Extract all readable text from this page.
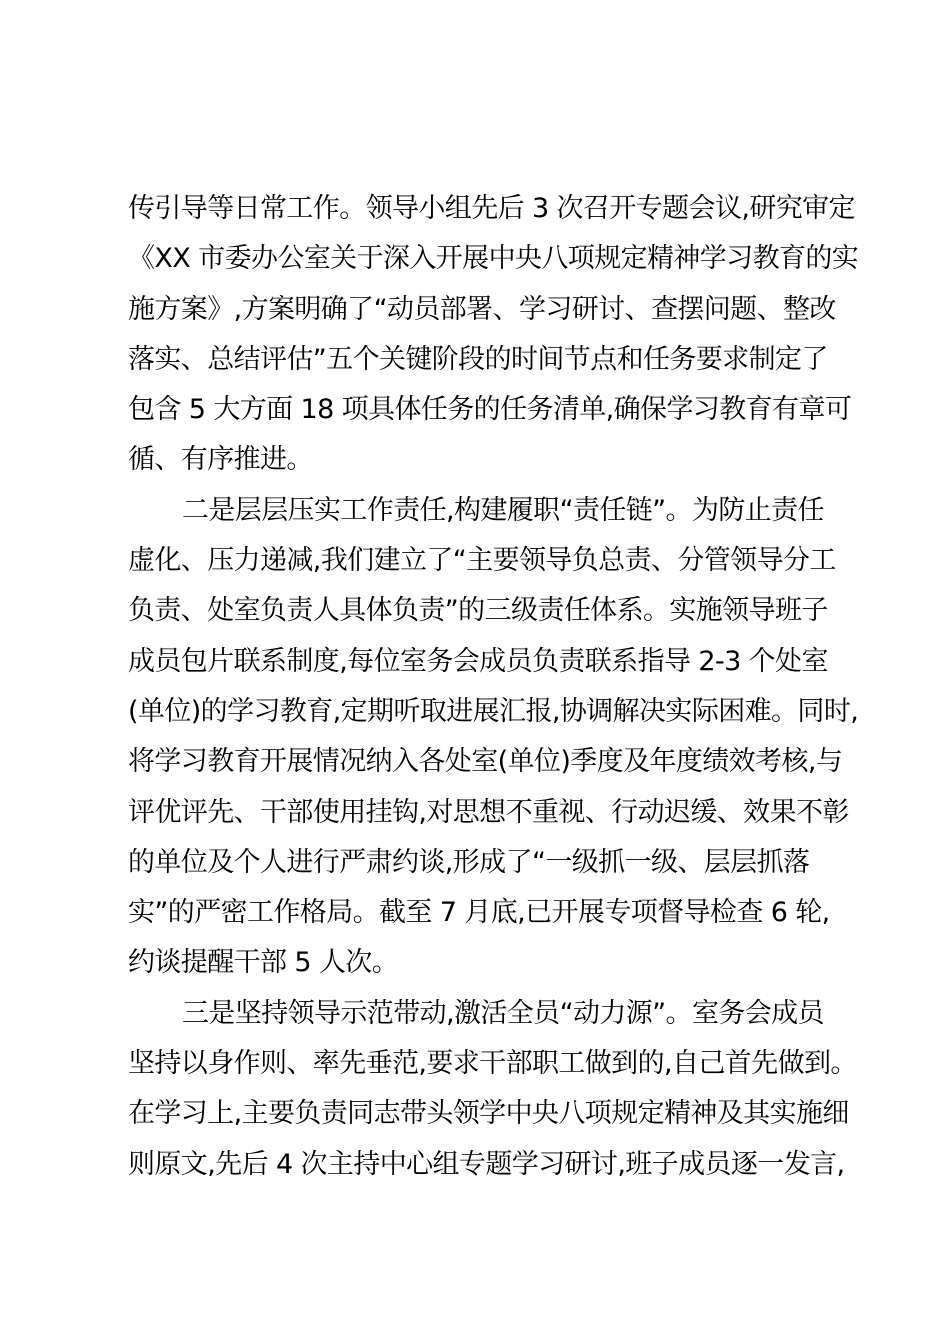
传引导等日常工作。领导小组先后 3 次召开专题会议,研究审定
《XX 市委办公室关于深入开展中央八项规定精神学习教育的实
施方案》,方案明确了“动员部署、学习研讨、查摆问题、整改
落实、总结评估”五个关键阶段的时间节点和任务要求制定了
包含 5 大方面 18 项具体任务的任务清单,确保学习教育有章可
循、有序推进。
二是层层压实工作责任,构建履职“责任链”。为防止责任
虚化、压力递减,我们建立了“主要领导负总责、分管领导分工
负责、处室负责人具体负责”的三级责任体系。实施领导班子
成员包片联系制度,每位室务会成员负责联系指导 2-3 个处室
(单位)的学习教育,定期听取进展汇报,协调解决实际困难。同时,
将学习教育开展情况纳入各处室(单位)季度及年度绩效考核,与
评优评先、干部使用挂钩,对思想不重视、行动迟缓、效果不彰
的单位及个人进行严肃约谈,形成了“一级抓一级、层层抓落
实”的严密工作格局。截至 7 月底,已开展专项督导检查 6 轮,
约谈提醒干部 5 人次。
三是坚持领导示范带动,激活全员“动力源”。室务会成员
坚持以身作则、率先垂范,要求干部职工做到的,自己首先做到。
在学习上,主要负责同志带头领学中央八项规定精神及其实施细
则原文,先后 4 次主持中心组专题学习研讨,班子成员逐一发言,
